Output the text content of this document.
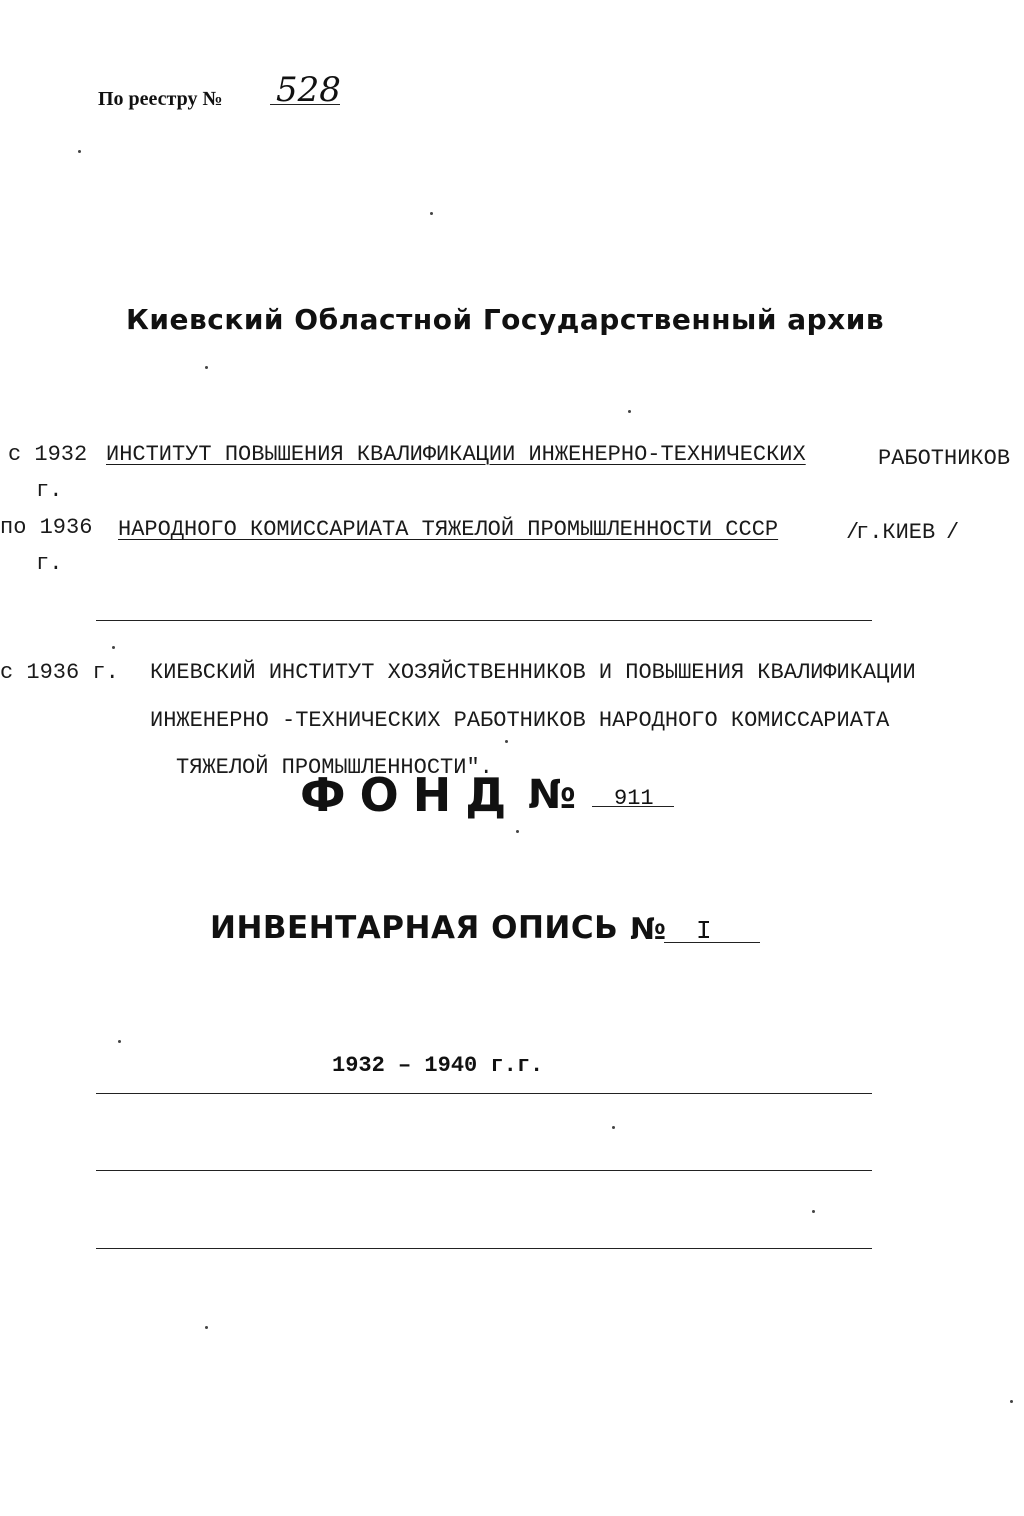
По реестру № 528
Киевский Областной Государственный архив
с 1932
г.
ИНСТИТУТ ПОВЫШЕНИЯ КВАЛИФИКАЦИИ ИНЖЕНЕРНО-ТЕХНИЧЕСКИХ	РАБОТНИКОВ
по 1936
г.
НАРОДНОГО КОМИССАРИАТА ТЯЖЕЛОЙ ПРОМЫШЛЕННОСТИ СССР	/
г.КИЕВ /
с 1936 г. КИЕВСКИЙ ИНСТИТУТ ХОЗЯЙСТВЕННИКОВ И ПОВЫШЕНИЯ КВАЛИФИКАЦИИ
ИНЖЕНЕРНО -ТЕХНИЧЕСКИХ РАБОТНИКОВ НАРОДНОГО КОМИССАРИАТА
ТЯЖЕЛОЙ ПРОМЫШЛЕННОСТИ".
ФОНД № 911
ИНВЕНТАРНАЯ ОПИСЬ № I
1932 – 1940 г.г.
